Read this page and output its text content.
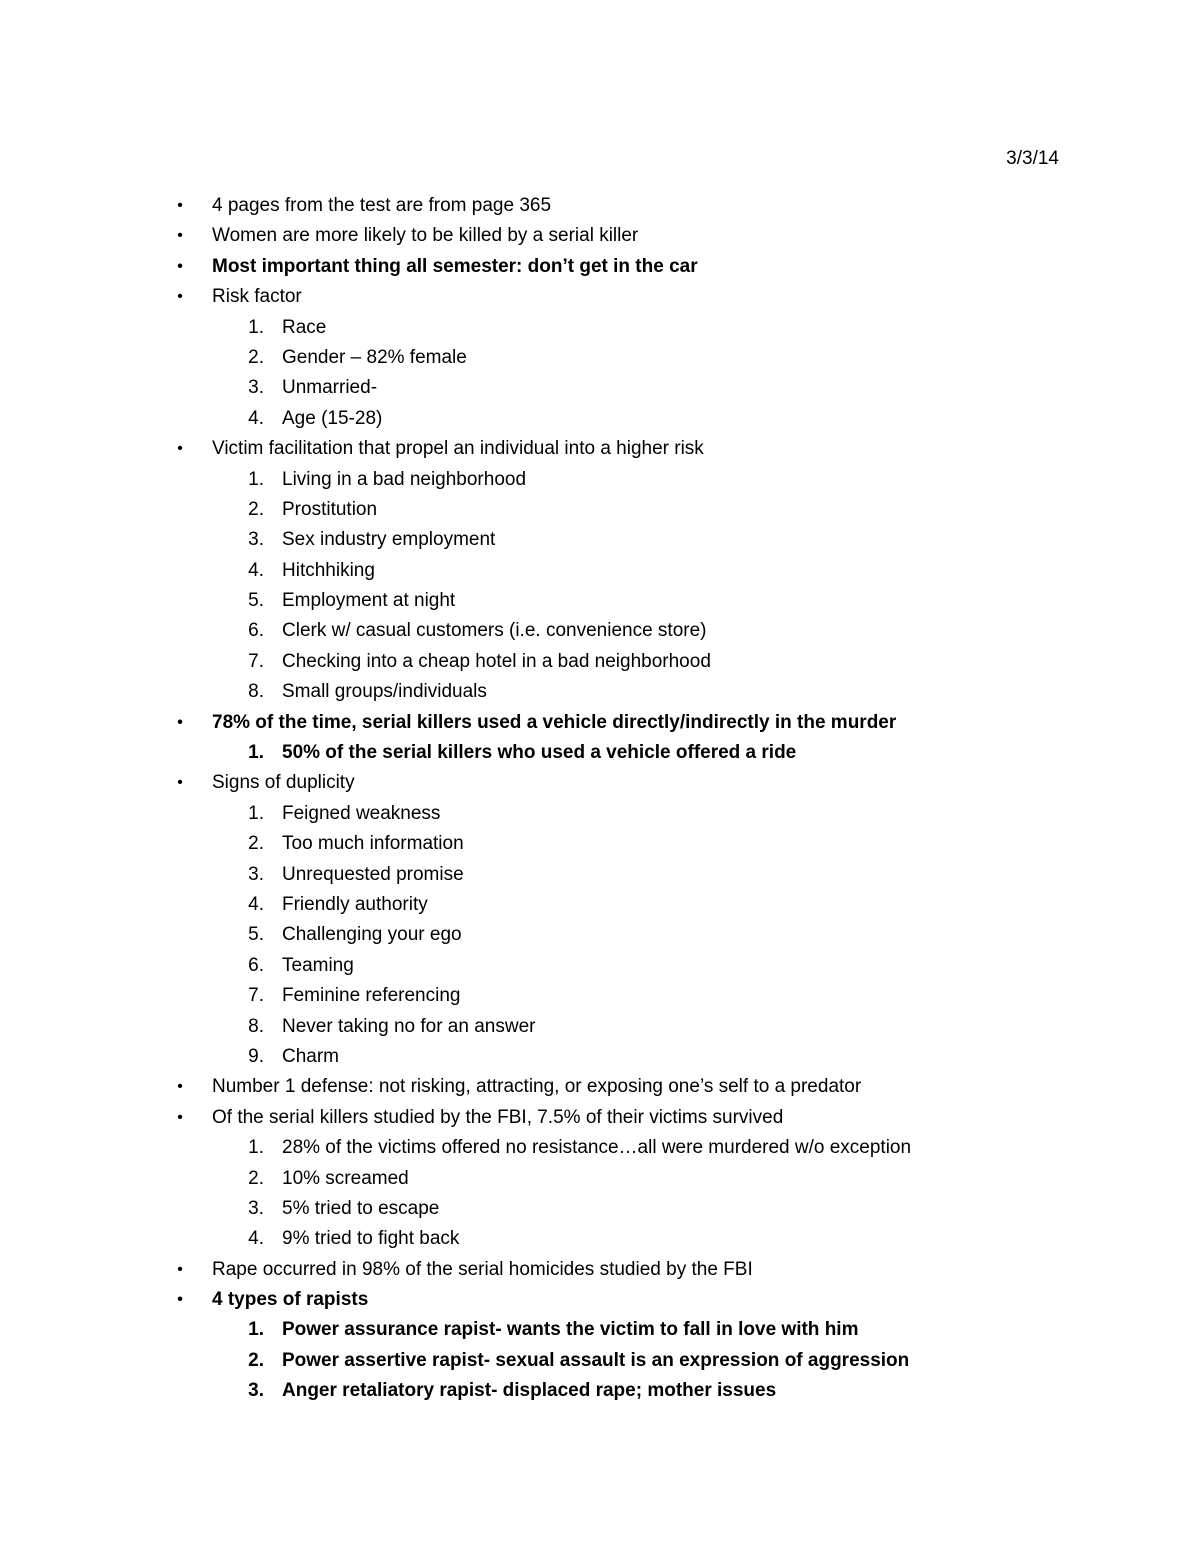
3/3/14
•	4 pages from the test are from page 365
•	Women are more likely to be killed by a serial killer
•	Most important thing all semester: don’t get in the car
•	Risk factor
1. Race
2. Gender – 82% female
3. Unmarried-
4. Age (15-28)
•	Victim facilitation that propel an individual into a higher risk
1. Living in a bad neighborhood
2. Prostitution
3. Sex industry employment
4. Hitchhiking
5. Employment at night
6. Clerk w/ casual customers (i.e. convenience store)
7. Checking into a cheap hotel in a bad neighborhood
8. Small groups/individuals
•	78% of the time, serial killers used a vehicle directly/indirectly in the murder
1. 50% of the serial killers who used a vehicle offered a ride
•	Signs of duplicity
1. Feigned weakness
2. Too much information
3. Unrequested promise
4. Friendly authority
5. Challenging your ego
6. Teaming
7. Feminine referencing
8. Never taking no for an answer
9. Charm
•	Number 1 defense: not risking, attracting, or exposing one’s self to a predator
•	Of the serial killers studied by the FBI, 7.5% of their victims survived
1. 28% of the victims offered no resistance…all were murdered w/o exception
2. 10% screamed
3. 5% tried to escape
4. 9% tried to fight back
•	Rape occurred in 98% of the serial homicides studied by the FBI
•	4 types of rapists
1. Power assurance rapist- wants the victim to fall in love with him
2. Power assertive rapist- sexual assault is an expression of aggression
3. Anger retaliatory rapist- displaced rape; mother issues
